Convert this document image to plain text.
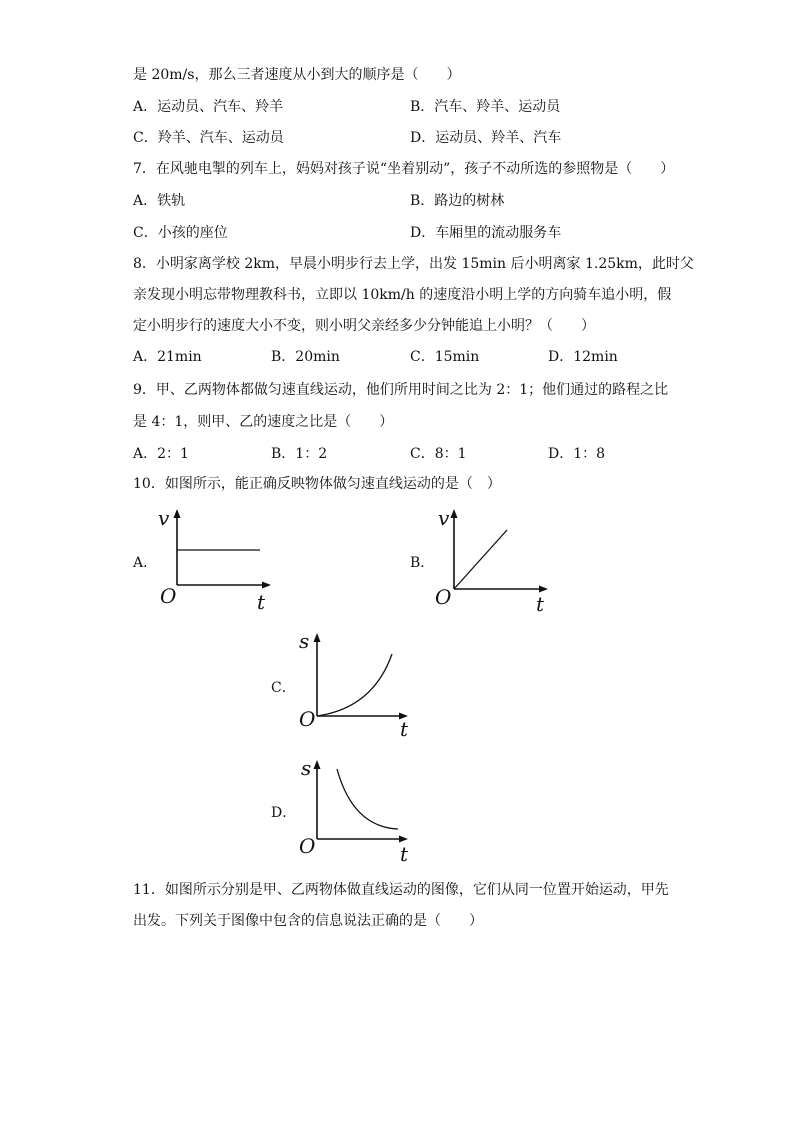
是 20m/s，那么三者速度从小到大的顺序是（　　）
A．运动员、汽车、羚羊	B．汽车、羚羊、运动员
C．羚羊、汽车、运动员	D．运动员、羚羊、汽车
7．在风驰电掣的列车上，妈妈对孩子说“坐着别动”，孩子不动所选的参照物是（　　）
A．铁轨	B．路边的树林
C．小孩的座位	D．车厢里的流动服务车
8．小明家离学校 2km，早晨小明步行去上学，出发 15min 后小明离家 1.25km，此时父
亲发现小明忘带物理教科书，立即以 10km/h 的速度沿小明上学的方向骑车追小明，假
定小明步行的速度大小不变，则小明父亲经多少分钟能追上小明？（　　）
A．21min	B．20min	C．15min	D．12min
9．甲、乙两物体都做匀速直线运动，他们所用时间之比为 2：1；他们通过的路程之比
是 4：1，则甲、乙的速度之比是（　　）
A．2：1	B．1：2	C．8：1	D．1：8
10．如图所示，能正确反映物体做匀速直线运动的是（　）
A．
v
O	t
B．
v
O	t
C．
s
O	t
D．
s
O	t
11．如图所示分别是甲、乙两物体做直线运动的图像，它们从同一位置开始运动，甲先
出发。下列关于图像中包含的信息说法正确的是（　　）
